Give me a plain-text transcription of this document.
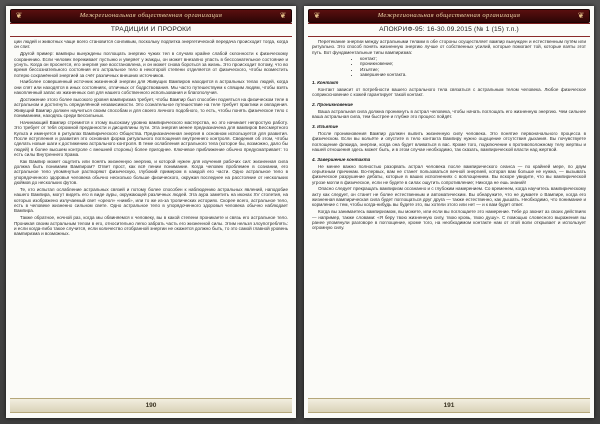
❦	Межрегиональная общественная организация	❦
ТРАДИЦИИ И ПРОРОКИ

ции людей и животных чаще всего становится сонливым, поскольку подпитка энергетической передача происходит тогда, когда он спит.

Другой пример: вампиры вынуждены поглощать энергию чужих тел в случаях крайне слабой склонности к физическому сохранению. Если человек переживает пустыню и уверяет у жажды, он может внезапно упасть в бессознательное состояние и уснуть. Когда он проснется, его энергия уже восстановлена, и он может снова бороться за жизнь. Это происходит потому, что во время бессознательного состояния его астральное тело в некоторой степени отделяется от физического, чтобы возместить потерю сохранённой энергией за счёт различных внешних источников.

Наиболее совершенный источник жизненной энергии для Живущих Вампиров находится в астральных телах людей, когда они спят или находятся в иных состояниях, отличных от бодрствования. Мы часто путешествуем к спящим людям, чтобы взять накопленный запас их жизненных сил для нашего собственного использования и благополучия.

Достижение этого более высокого уровня вампиризма требует, чтобы Вампир был способен подняться на физическом теле в астральном и достигнуть определённой независимости. Это сознательное путешествие на теле требует практики и овладения. Живущий Вампир должен научиться своим способам и для своего личного подобного, то есть, чтобы понять физическое тело с пониманием, находясь среди Бессильных.

Начинающий Вампир стремится к этому высокому уровню вампирического мастерства, но это начинает непростую работу. Это требует от тебя огромной преданности и дисциплины пути. Эта энергия менее предназначена для вампиров Бессмертного Культа и именуется в ритуалах Вампирического Общества. Предназначенная энергия в основном используется для развития. После вступления и развития это основная форма ритуального поглощения внутреннего контроля. Сведения об этом, чтобы сделать новые шаги к достижению астрального контроля. В теме ослабления астрального тела (которое бы, возможно, дало бы людей) в более высшем контроле с внешней стороны) более пригоднее. Ключевое приближение обычно предусматривает: то есть силы Внутреннего Храма.

Как Вампир может ощутить или понять жизненную энергию, и которой нужен для изучения рабочих сил: жизненная сила должна быть понимаем Вампиром? Ответ прост, как всё пении понимание. Когда человек проблемен в сознании, его астральное тело упомянутые растворяют физическую, глубокий примером в каждой его части. Одно астральное тело в упорядоченного здоровья человека обычно несколько больше физического, окружая последнее на расстояние от нескольких дюймов до нескольких футов.

Те, кто испытал ослабление астральных связей и потому более способен к наблюдению астральных явлений, наподобие нашего Вампира, могут видеть его в виде ауры, окружающей различных людей. Эта аура заметить на иконах XV столетия, на которых изображено излучаемый свет «ореол» «нимб», или то же из-за тропических историях. Скорее всего, астральное тело, есть в человеке жизненно сильном свете. Одно астральное тело в упорядоченного здоровья человека обычно наблюдает Вампира.

Также обратное, ночной раз, когда мы обвиняемся к человеку, вы в какой степени проникаете и связь его астральное тело. Проникая своим астральным телом в его, относительно легко забрать часть его жизненной силы. Этим нельзя злоупотреблять: и если когда-либо такое случится, если количество отобранной энергии не окажется должно быть, то это самой главной уровень вампиризма и возможных.

190
❦	Межрегиональная общественная организация	❦
АПОКРИФ-95: 16-30.09.2015 (№ 1 (15) т.п.)

Перетекание энергии между астральными телами в обе стороны осуществляет вампир вынужден и естественным путём или ритуально. Это способ понять жизненную энергию лучше от собственных усилий, которые помогает той, которые взяты этот путь. Вот фундаментальные типы вампиризма:

• контакт;
• проникновение;
• Изъятие;
• завершение контакта.
1. Контакт

Контакт зависит от потребности вашего астрального тела связаться с астральным телом человека. Любое физическое соприкосновение с кожей гарантирует такой контакт.

2. Проникновение

Ваша астральная сила должна проникнуть в астрал человека, чтобы начать поглощать его жизненную энергию. Чем сильнее ваша астральная сила, тем быстрее и глубже это процесс пойдёт.

3. Изъятие

После проникновения Вампир должен выпить жизненную силу человека. Это понятие первоначального процесса в физическом. Если вы вольёте и опустите в тело контакта Вампиру нужно ощущение отсутствия дыхания. Вы почувствуете поглощение флюида, энергии, когда она будет вливаться в вас. Кроме того, подключение к противоположному телу жертвы и нашей отношения здесь может быть, и в этом случае необходимо, так сказать, вампирической власти над жертвой.

4. Завершение контакта

Не менее важно полностью разорвать астрал человека после вампирического сеанса — по крайней мере, по двум серьёзным причинам. Во-первых, вам не станет пользоваться вечной энергией, которая вам больше не нужна, — вызывать физическое разрушение дебаты, которые в ваших исполнениях с воплощением. Вы вскоре увидите, что вы вампирической угрозе могли в физическое, если не будете в силах ощутить сопротивление; Никогда не ешь знаний!

Опасно следует прекращать вампиризм осознанно и с глубоким намерением. Со временем, когда научитесь вампирическому акту как следует, он станет не более естественным и автоматическим. Вы обнаружите, что не думаете о Вампире, когда его жизненная вампирическая сила будет поглощаться друг друга — также естественно, как дышать. Необходимо, что понимание и кормление с тем, чтобы когда-нибудь вы будете это, вы хотели этого или нет — и к вам будет ответ.

Когда вы занимаетесь вампиризмом, вы можете, или если вы поглощаете это намерение. Тебе до звонит аз своих действиях — например, также словами: «Я беру твою жизненную силу, твою кровь, твою душу». С помощью словесного выражения вы ранее упомянули разговоре в поглощение, кроме того, на необходимом контакте нам от этой воли открывает и использует огромную силу.

191
